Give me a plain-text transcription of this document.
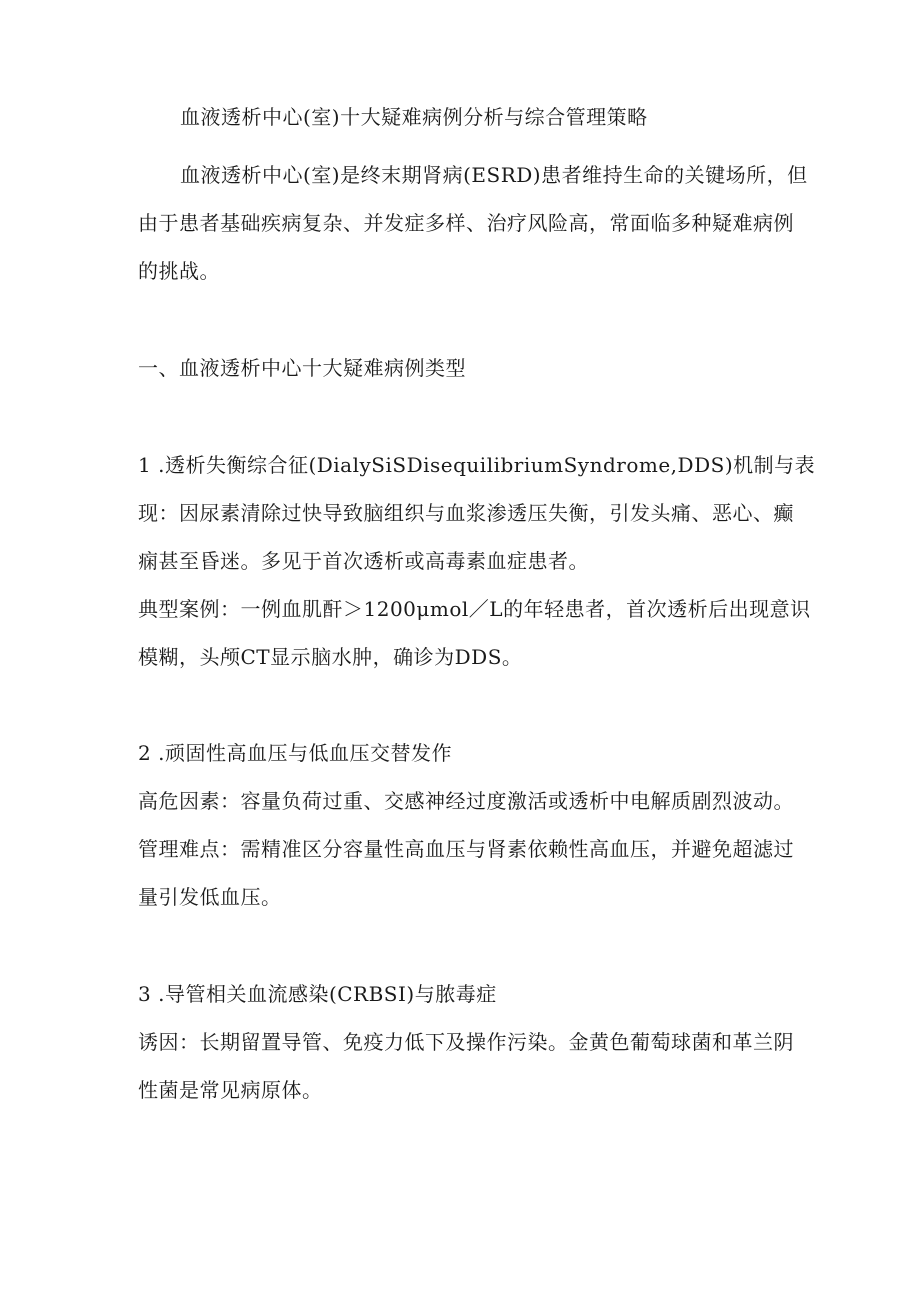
血液透析中心(室)十大疑难病例分析与综合管理策略
血液透析中心(室)是终末期肾病(ESRD)患者维持生命的关键场所，但
由于患者基础疾病复杂、并发症多样、治疗风险高，常面临多种疑难病例
的挑战。
一、血液透析中心十大疑难病例类型
1 .透析失衡综合征(DialySiSDisequilibriumSyndrome,DDS)机制与表
现：因尿素清除过快导致脑组织与血浆渗透压失衡，引发头痛、恶心、癫
痫甚至昏迷。多见于首次透析或高毒素血症患者。
典型案例：一例血肌酐＞1200μmol／L的年轻患者，首次透析后出现意识
模糊，头颅CT显示脑水肿，确诊为DDS。
2 .顽固性高血压与低血压交替发作
高危因素：容量负荷过重、交感神经过度激活或透析中电解质剧烈波动。
管理难点：需精准区分容量性高血压与肾素依赖性高血压，并避免超滤过
量引发低血压。
3 .导管相关血流感染(CRBSI)与脓毒症
诱因：长期留置导管、免疫力低下及操作污染。金黄色葡萄球菌和革兰阴
性菌是常见病原体。
